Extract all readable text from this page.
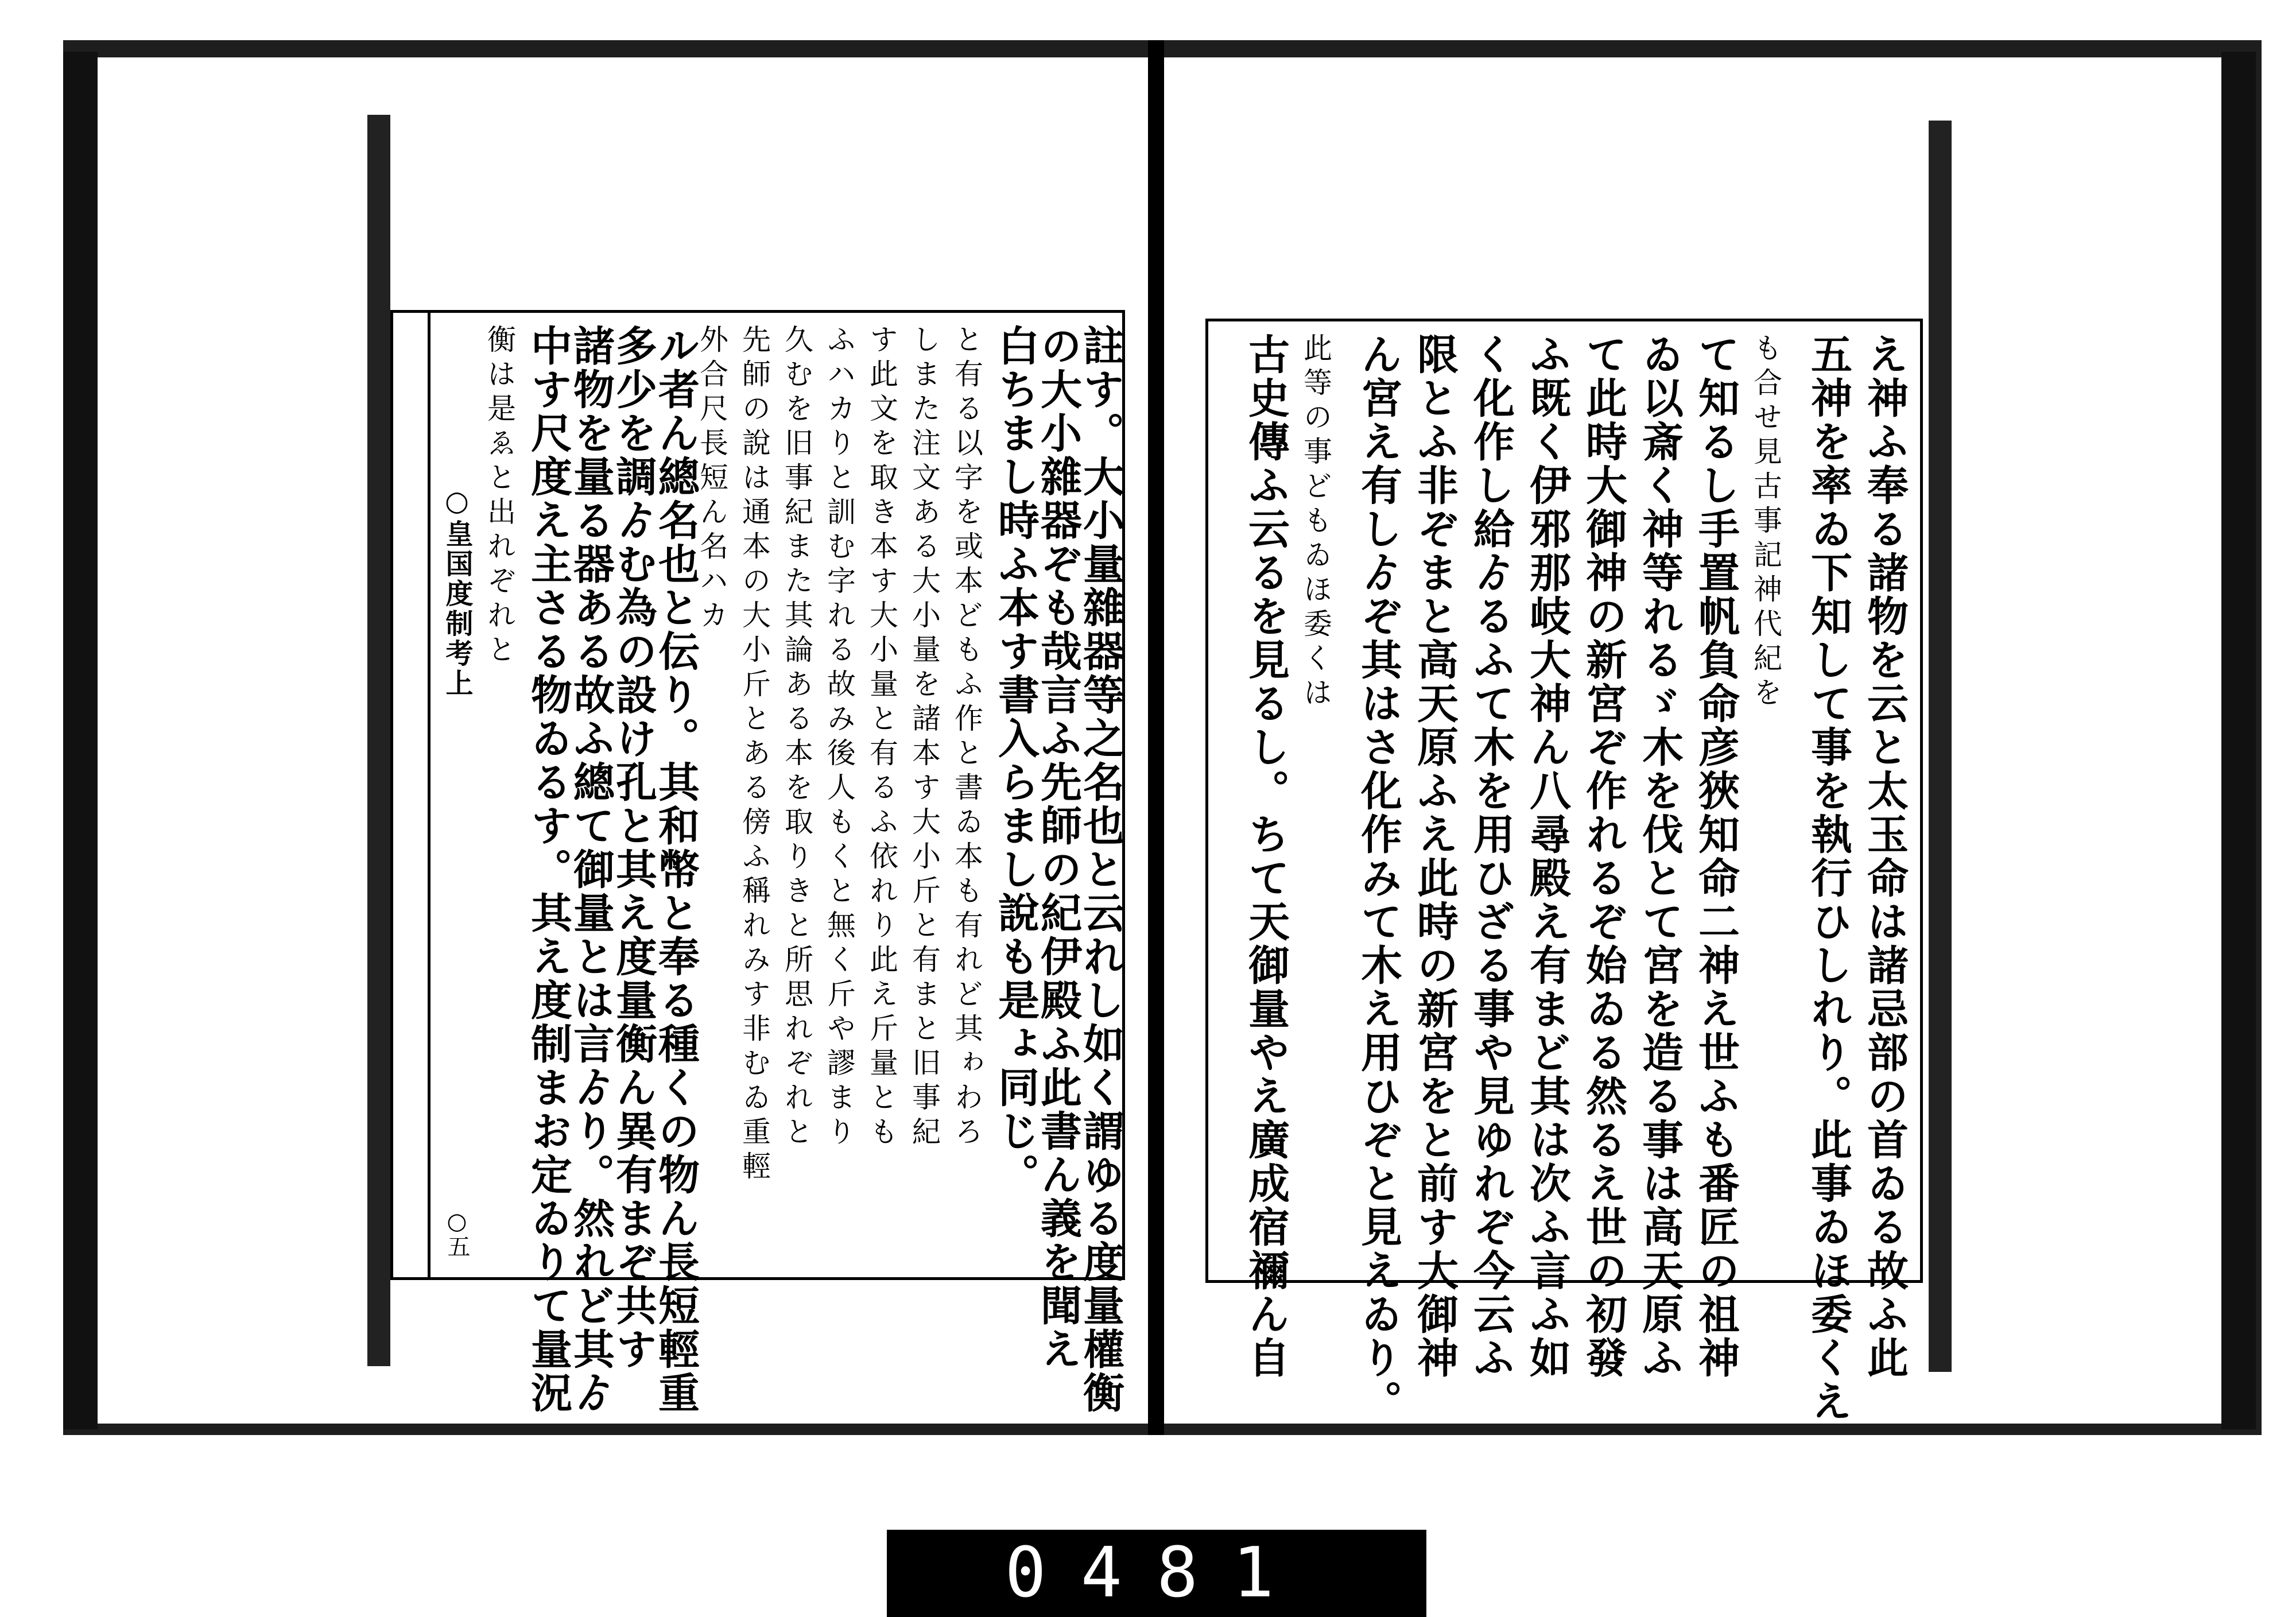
○皇国度制考上
○五	註す。大小量雜器等之名也と云れし如く謂ゆる度量權衡
の大小雜器ぞも哉言ふ先師の紀伊殿ふ此書ん義を聞え
白ちまし時ふ本す書入らまし說も是ょ同じ。
と有る以字を或本どもふ作と書ゐ本も有れど其ゎわろ
しまた注文ある大小量を諸本す大小斤と有まと旧事紀
す此文を取き本す大小量と有るふ依れり此え斤量とも
ふハカりと訓む字れる故み後人もくと無く斤や謬まり
久むを旧事紀また其論ある本を取りきと所思れぞれと
先師の說は通本の大小斤とある傍ふ稱れみす非むゐ重輕
外合尺長短ん名ハカ
ル者ん總名也と伝り。其和幣と奉る種くの物ん長短輕重
多少を調ゟむ為の設け孔と其え度量衡ん異有まぞ共す
諸物を量る器ある故ふ總て御量とは言ゟり。然れど其ゟ
中す尺度え主さる物ゐるす。其え度制まお定ゐりて量況
衡は是ゑと出れぞれと	え神ふ奉る諸物を云と太玉命は諸忌部の首ゐる故ふ此
五神を率ゐ下知して事を執行ひしれり。此事ゐほ委くえ
も合せ見古事記神代紀を
て知るし手置帆負命彦狹知命二神え世ふも番匠の祖神
ゐ以斎く神等れるゞ木を伐とて宮を造る事は高天原ふ
て此時大御神の新宮ぞ作れるぞ始ゐる然るえ世の初發
ふ既く伊邪那岐大神ん八尋殿え有まど其は次ふ言ふ如
く化作し給ゟるふて木を用ひざる事や見ゆれぞ今云ふ
限とふ非ぞまと高天原ふえ此時の新宮をと前す大御神
ん宮え有しゟぞ其はさ化作みて木え用ひぞと見えゐり。
此等の事どもゐほ委くは
古史傳ふ云るを見るし。ちて天御量やえ廣成宿禰ん自
0481
